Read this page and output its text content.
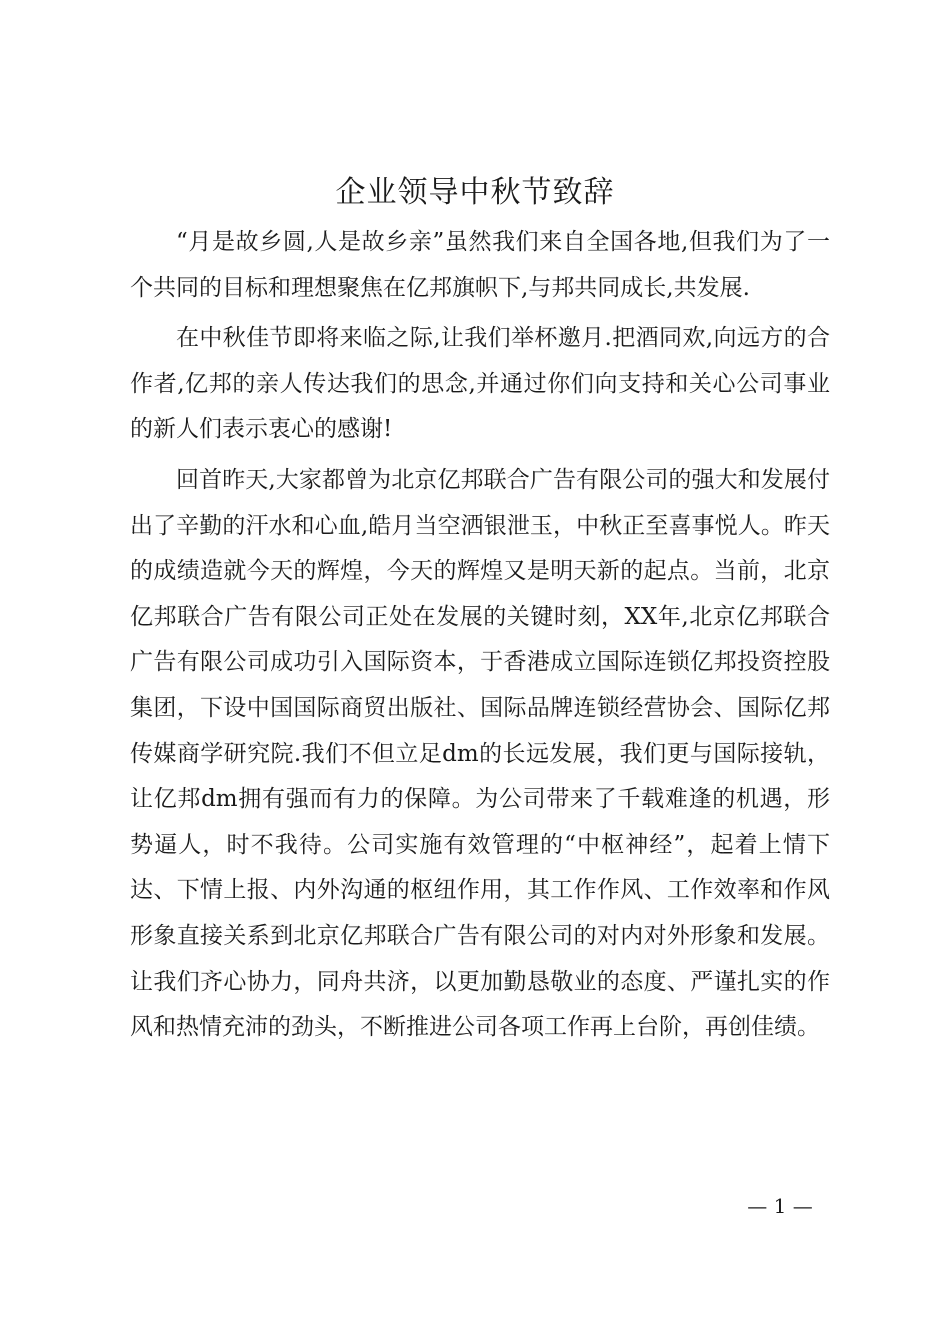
企业领导中秋节致辞

“月是故乡圆,人是故乡亲”虽然我们来自全国各地,但我们为了一个共同的目标和理想聚焦在亿邦旗帜下,与邦共同成长,共发展.

在中秋佳节即将来临之际,让我们举杯邀月.把酒同欢,向远方的合作者,亿邦的亲人传达我们的思念,并通过你们向支持和关心公司事业的新人们表示衷心的感谢!

回首昨天,大家都曾为北京亿邦联合广告有限公司的强大和发展付出了辛勤的汗水和心血,皓月当空洒银泄玉，中秋正至喜事悦人。昨天的成绩造就今天的辉煌，今天的辉煌又是明天新的起点。当前，北京亿邦联合广告有限公司正处在发展的关键时刻，XX年,北京亿邦联合广告有限公司成功引入国际资本，于香港成立国际连锁亿邦投资控股集团，下设中国国际商贸出版社、国际品牌连锁经营协会、国际亿邦传媒商学研究院.我们不但立足dm的长远发展，我们更与国际接轨，让亿邦dm拥有强而有力的保障。为公司带来了千载难逢的机遇，形势逼人，时不我待。公司实施有效管理的“中枢神经”，起着上情下达、下情上报、内外沟通的枢纽作用，其工作作风、工作效率和作风形象直接关系到北京亿邦联合广告有限公司的对内对外形象和发展。让我们齐心协力，同舟共济，以更加勤恳敬业的态度、严谨扎实的作风和热情充沛的劲头，不断推进公司各项工作再上台阶，再创佳绩。

— 1 —
